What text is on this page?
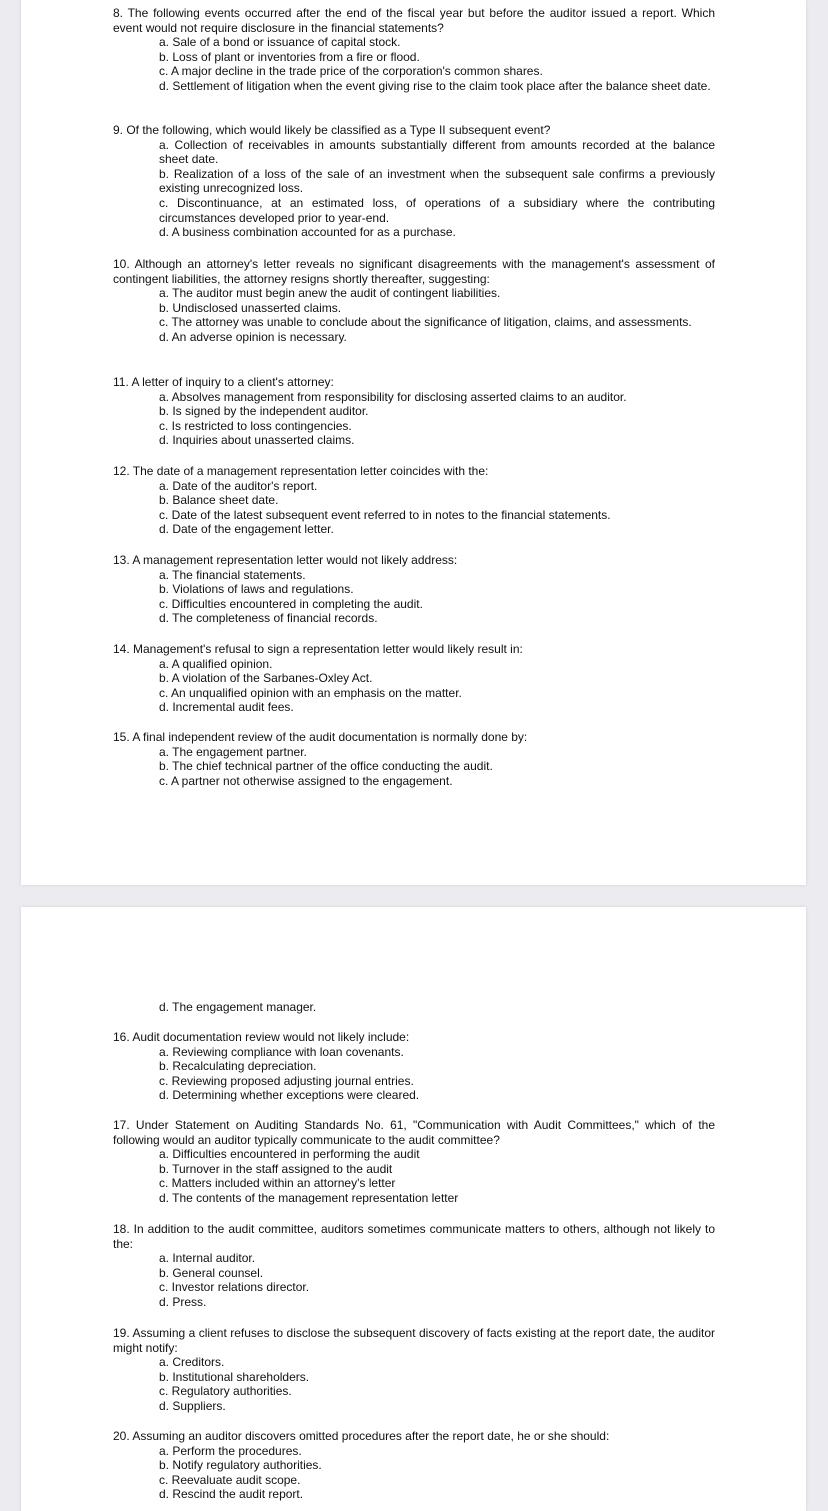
8. The following events occurred after the end of the fiscal year but before the auditor issued a report. Which event would not require disclosure in the financial statements?

a. Sale of a bond or issuance of capital stock.
b. Loss of plant or inventories from a fire or flood.
c. A major decline in the trade price of the corporation's common shares.
d. Settlement of litigation when the event giving rise to the claim took place after the balance sheet date.

9. Of the following, which would likely be classified as a Type II subsequent event?

a. Collection of receivables in amounts substantially different from amounts recorded at the balance sheet date.
b. Realization of a loss of the sale of an investment when the subsequent sale confirms a previously existing unrecognized loss.
c. Discontinuance, at an estimated loss, of operations of a subsidiary where the contributing circumstances developed prior to year-end.
d. A business combination accounted for as a purchase.

10. Although an attorney's letter reveals no significant disagreements with the management's assessment of contingent liabilities, the attorney resigns shortly thereafter, suggesting:

a. The auditor must begin anew the audit of contingent liabilities.
b. Undisclosed unasserted claims.
c. The attorney was unable to conclude about the significance of litigation, claims, and assessments.
d. An adverse opinion is necessary.

11. A letter of inquiry to a client's attorney:

a. Absolves management from responsibility for disclosing asserted claims to an auditor.
b. Is signed by the independent auditor.
c. Is restricted to loss contingencies.
d. Inquiries about unasserted claims.

12. The date of a management representation letter coincides with the:

a. Date of the auditor's report.
b. Balance sheet date.
c. Date of the latest subsequent event referred to in notes to the financial statements.
d. Date of the engagement letter.

13. A management representation letter would not likely address:

a. The financial statements.
b. Violations of laws and regulations.
c. Difficulties encountered in completing the audit.
d. The completeness of financial records.

14. Management's refusal to sign a representation letter would likely result in:

a. A qualified opinion.
b. A violation of the Sarbanes-Oxley Act.
c. An unqualified opinion with an emphasis on the matter.
d. Incremental audit fees.

15. A final independent review of the audit documentation is normally done by:

a. The engagement partner.
b. The chief technical partner of the office conducting the audit.
c. A partner not otherwise assigned to the engagement.
d. The engagement manager.

16. Audit documentation review would not likely include:

a. Reviewing compliance with loan covenants.
b. Recalculating depreciation.
c. Reviewing proposed adjusting journal entries.
d. Determining whether exceptions were cleared.

17. Under Statement on Auditing Standards No. 61, "Communication with Audit Committees," which of the following would an auditor typically communicate to the audit committee?

a. Difficulties encountered in performing the audit
b. Turnover in the staff assigned to the audit
c. Matters included within an attorney's letter
d. The contents of the management representation letter

18. In addition to the audit committee, auditors sometimes communicate matters to others, although not likely to the:

a. Internal auditor.
b. General counsel.
c. Investor relations director.
d. Press.

19. Assuming a client refuses to disclose the subsequent discovery of facts existing at the report date, the auditor might notify:

a. Creditors.
b. Institutional shareholders.
c. Regulatory authorities.
d. Suppliers.

20. Assuming an auditor discovers omitted procedures after the report date, he or she should:

a. Perform the procedures.
b. Notify regulatory authorities.
c. Reevaluate audit scope.
d. Rescind the audit report.
